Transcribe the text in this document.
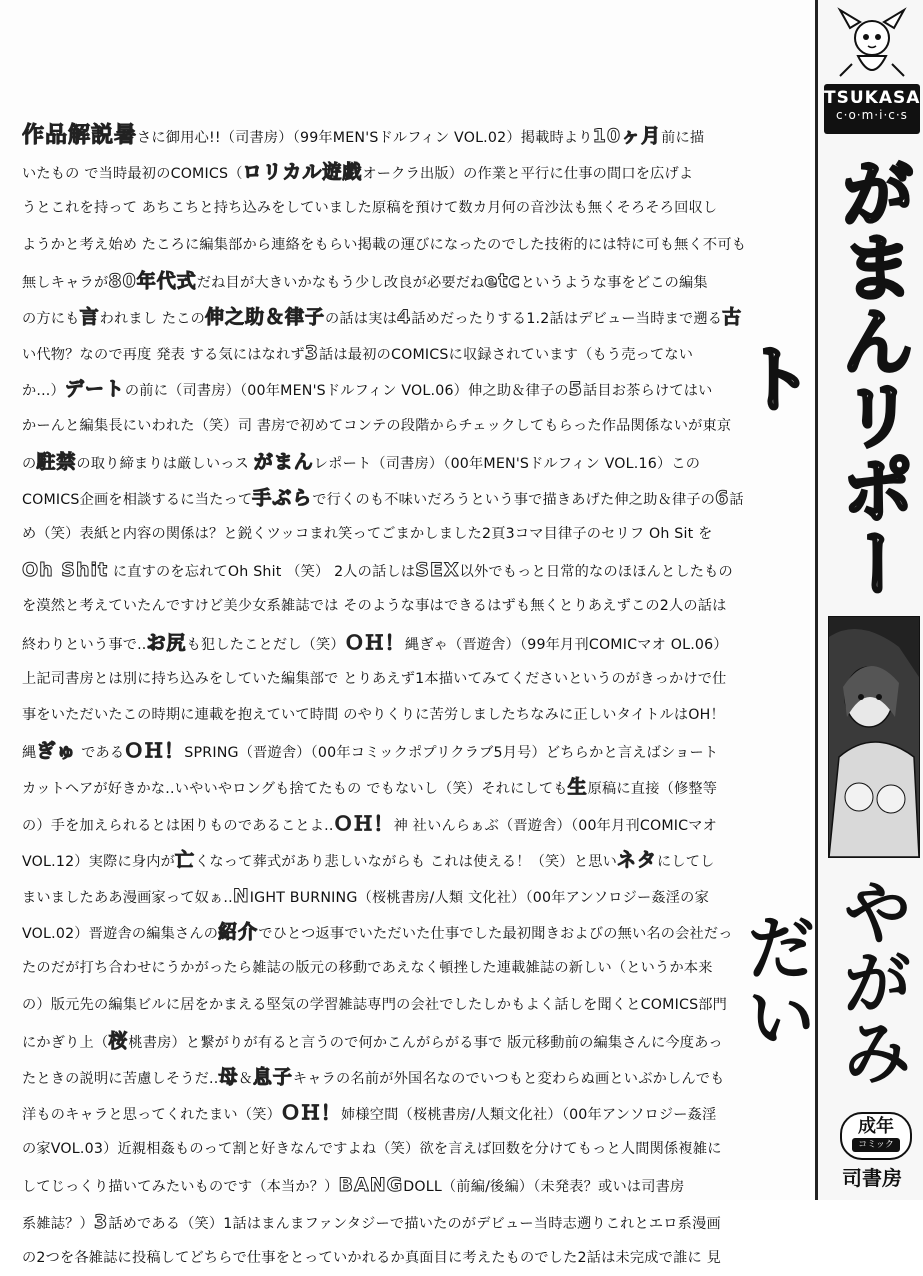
作品解説暑さに御用心!!（司書房）（99年MEN'Sドルフィン VOL.02）掲載時より10ヶ月前に描
いたもの で当時最初のCOMICS（ロリカル遊戯オークラ出版）の作業と平行に仕事の間口を広げよ
うとこれを持って あちこちと持ち込みをしていました原稿を預けて数カ月何の音沙汰も無くそろそろ回収し
ようかと考え始め たころに編集部から連絡をもらい掲載の運びになったのでした技術的には特に可も無く不可も
無しキャラが80年代式だね目が大きいかなもう少し改良が必要だねetcというような事をどこの編集
の方にも言われまし たこの伸之助＆律子の話は実は4話めだったりする1.2話はデビュー当時まで遡る古
い代物？なので再度 発表 する気にはなれず3話は最初のCOMICSに収録されています（もう売ってない
か...）デートの前に（司書房）（00年MEN'Sドルフィン VOL.06）伸之助＆律子の5話目お茶らけてはい
かーんと編集長にいわれた（笑）司 書房で初めてコンテの段階からチェックしてもらった作品関係ないが東京
の駐禁の取り締まりは厳しいっス がまんレポート（司書房）（00年MEN'Sドルフィン VOL.16）この
COMICS企画を相談するに当たって手ぶらで行くのも不味いだろうという事で描きあげた伸之助＆律子の6話
め（笑）表紙と内容の関係は？と鋭くツッコまれ笑ってごまかしました2頁3コマ目律子のセリフ Oh Sit を
Oh Shit に直すのを忘れてOh Shit （笑） 2人の話しはSEX以外でもっと日常的なのほほんとしたもの
を漠然と考えていたんですけど美少女系雑誌では そのような事はできるはずも無くとりあえずこの2人の話は
終わりという事で..お尻も犯したことだし（笑）ＯＨ！縄ぎゃ（晋遊舎）（99年月刊COMICマオ OL.06）
上記司書房とは別に持ち込みをしていた編集部で とりあえず1本描いてみてくださいというのがきっかけで仕
事をいただいたこの時期に連載を抱えていて時間 のやりくりに苦労しましたちなみに正しいタイトルはOH！
縄ぎゅ であるＯＨ！SPRING（晋遊舎）（00年コミックポプリクラブ5月号）どちらかと言えばショート
カットヘアが好きかな..いやいやロングも捨てたもの でもないし（笑）それにしても生原稿に直接（修整等
の）手を加えられるとは困りものであることよ..ＯＨ！神 社いんらぁぶ（晋遊舎）（00年月刊COMICマオ
VOL.12）実際に身内が亡くなって葬式があり悲しいながらも これは使える！（笑）と思いネタにしてし
まいましたああ漫画家って奴ぁ..NIGHT BURNING（桜桃書房/人類 文化社）（00年アンソロジー姦淫の家
VOL.02）晋遊舎の編集さんの紹介でひとつ返事でいただいた仕事でした最初聞きおよびの無い名の会社だっ
たのだが打ち合わせにうかがったら雑誌の版元の移動であえなく頓挫した連載雑誌の新しい（というか本来
の）版元先の編集ビルに居をかまえる堅気の学習雑誌専門の会社でしたしかもよく話しを聞くとCOMICS部門
にかぎり上（桜桃書房）と繋がりが有ると言うので何かこんがらがる事で 版元移動前の編集さんに今度あっ
たときの説明に苦慮しそうだ..母＆息子キャラの名前が外国名なのでいつもと変わらぬ画といぶかしんでも
洋ものキャラと思ってくれたまい（笑）ＯＨ！姉様空間（桜桃書房/人類文化社）（00年アンソロジー姦淫
の家VOL.03）近親相姦ものって割と好きなんですよね（笑）欲を言えば回数を分けてもっと人間関係複雑に
してじっくり描いてみたいものです（本当か？）BANGDOLL（前編/後編）（未発表？或いは司書房
系雑誌？）3話めである（笑）1話はまんまファンタジーで描いたのがデビュー当時志遡りこれとエロ系漫画
の2つを各雑誌に投稿してどちらで仕事をとっていかれるか真面目に考えたものでした2話は未完成で誰に 見
TSUKASA
c·o·m·i·c·s
がまんリポート
やがみだい
成年
コミック
司書房
